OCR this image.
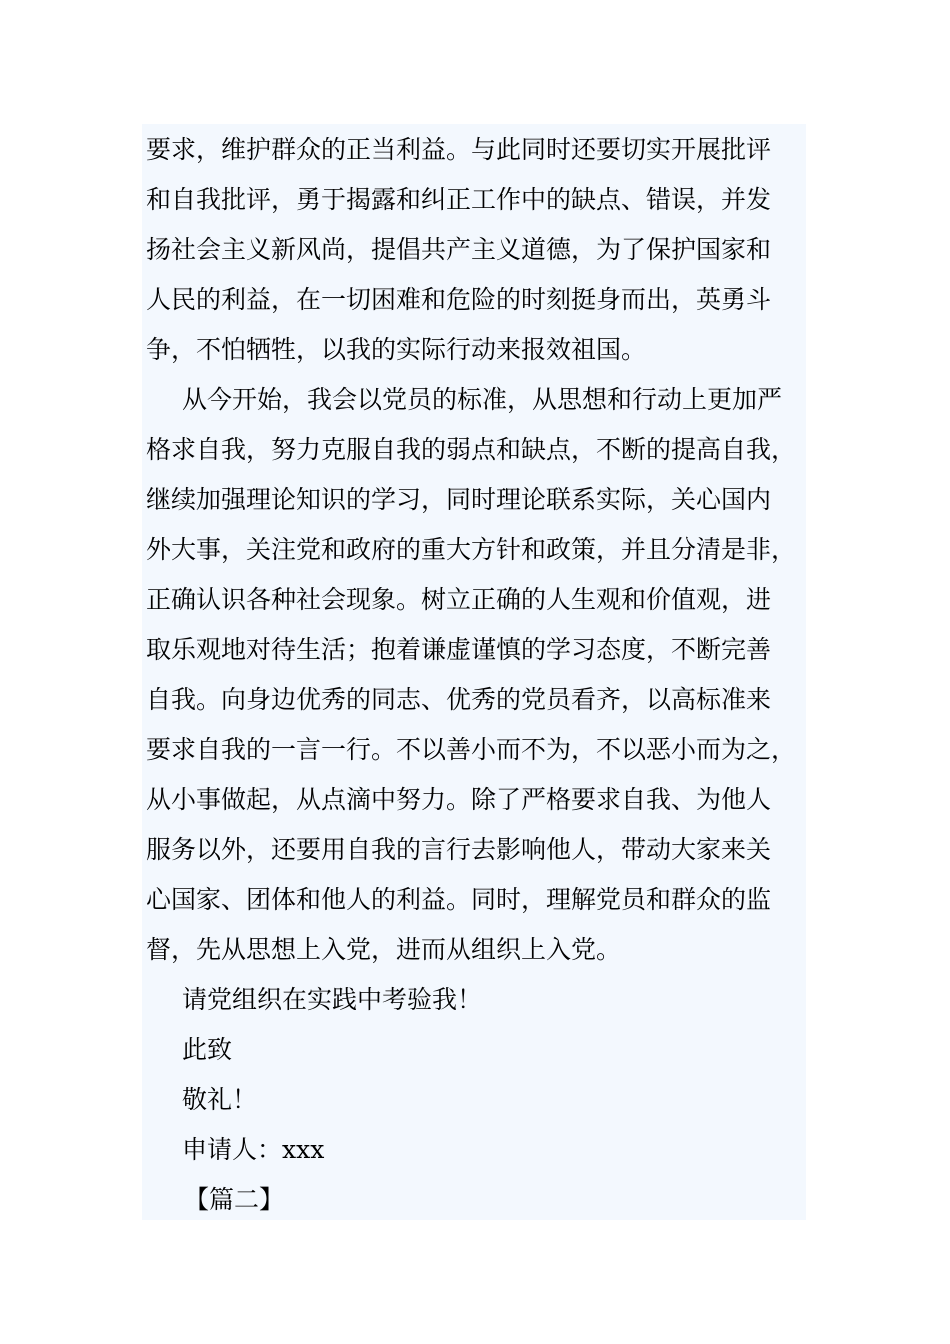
要求，维护群众的正当利益。与此同时还要切实开展批评
和自我批评，勇于揭露和纠正工作中的缺点、错误，并发
扬社会主义新风尚，提倡共产主义道德，为了保护国家和
人民的利益，在一切困难和危险的时刻挺身而出，英勇斗
争，不怕牺牲，以我的实际行动来报效祖国。
从今开始，我会以党员的标准，从思想和行动上更加严
格求自我，努力克服自我的弱点和缺点，不断的提高自我，
继续加强理论知识的学习，同时理论联系实际，关心国内
外大事，关注党和政府的重大方针和政策，并且分清是非，
正确认识各种社会现象。树立正确的人生观和价值观，进
取乐观地对待生活；抱着谦虚谨慎的学习态度，不断完善
自我。向身边优秀的同志、优秀的党员看齐，以高标准来
要求自我的一言一行。不以善小而不为，不以恶小而为之，
从小事做起，从点滴中努力。除了严格要求自我、为他人
服务以外，还要用自我的言行去影响他人，带动大家来关
心国家、团体和他人的利益。同时，理解党员和群众的监
督，先从思想上入党，进而从组织上入党。
请党组织在实践中考验我！
此致
敬礼！
申请人：xxx
【篇二】
